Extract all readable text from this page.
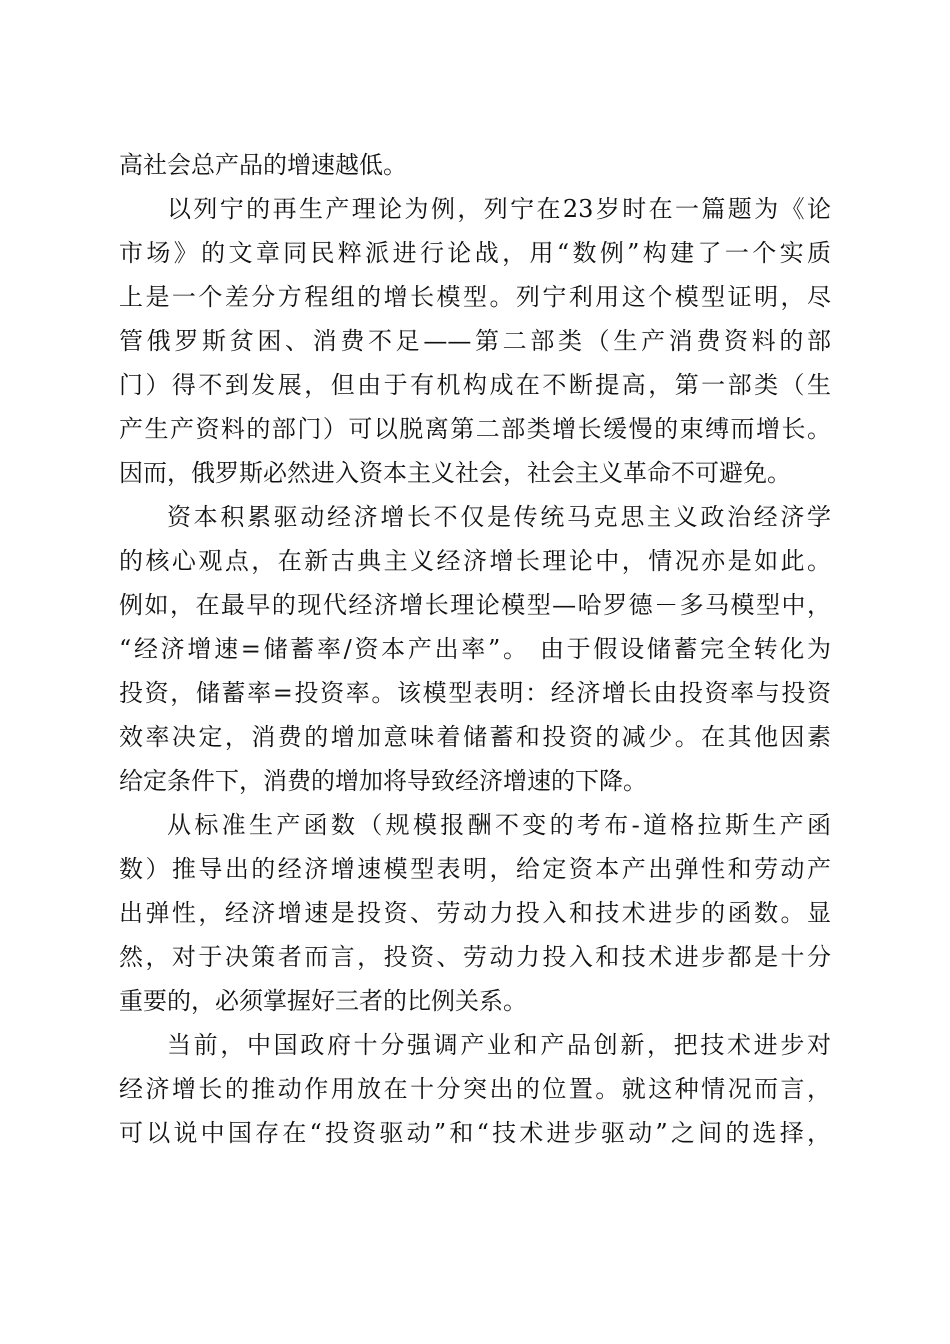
高社会总产品的增速越低。
以列宁的再生产理论为例，列宁在23岁时在一篇题为《论
市场》的文章同民粹派进行论战，用“数例”构建了一个实质
上是一个差分方程组的增长模型。列宁利用这个模型证明，尽
管俄罗斯贫困、消费不足——第二部类（生产消费资料的部
门）得不到发展，但由于有机构成在不断提高，第一部类（生
产生产资料的部门）可以脱离第二部类增长缓慢的束缚而增长。
因而，俄罗斯必然进入资本主义社会，社会主义革命不可避免。
资本积累驱动经济增长不仅是传统马克思主义政治经济学
的核心观点，在新古典主义经济增长理论中，情况亦是如此。
例如，在最早的现代经济增长理论模型—哈罗德－多马模型中，
“经济增速=储蓄率/资本产出率”。 由于假设储蓄完全转化为
投资，储蓄率=投资率。该模型表明：经济增长由投资率与投资
效率决定，消费的增加意味着储蓄和投资的减少。在其他因素
给定条件下，消费的增加将导致经济增速的下降。
从标准生产函数（规模报酬不变的考布-道格拉斯生产函
数）推导出的经济增速模型表明，给定资本产出弹性和劳动产
出弹性，经济增速是投资、劳动力投入和技术进步的函数。显
然，对于决策者而言，投资、劳动力投入和技术进步都是十分
重要的，必须掌握好三者的比例关系。
当前，中国政府十分强调产业和产品创新，把技术进步对
经济增长的推动作用放在十分突出的位置。就这种情况而言，
可以说中国存在“投资驱动”和“技术进步驱动”之间的选择，
